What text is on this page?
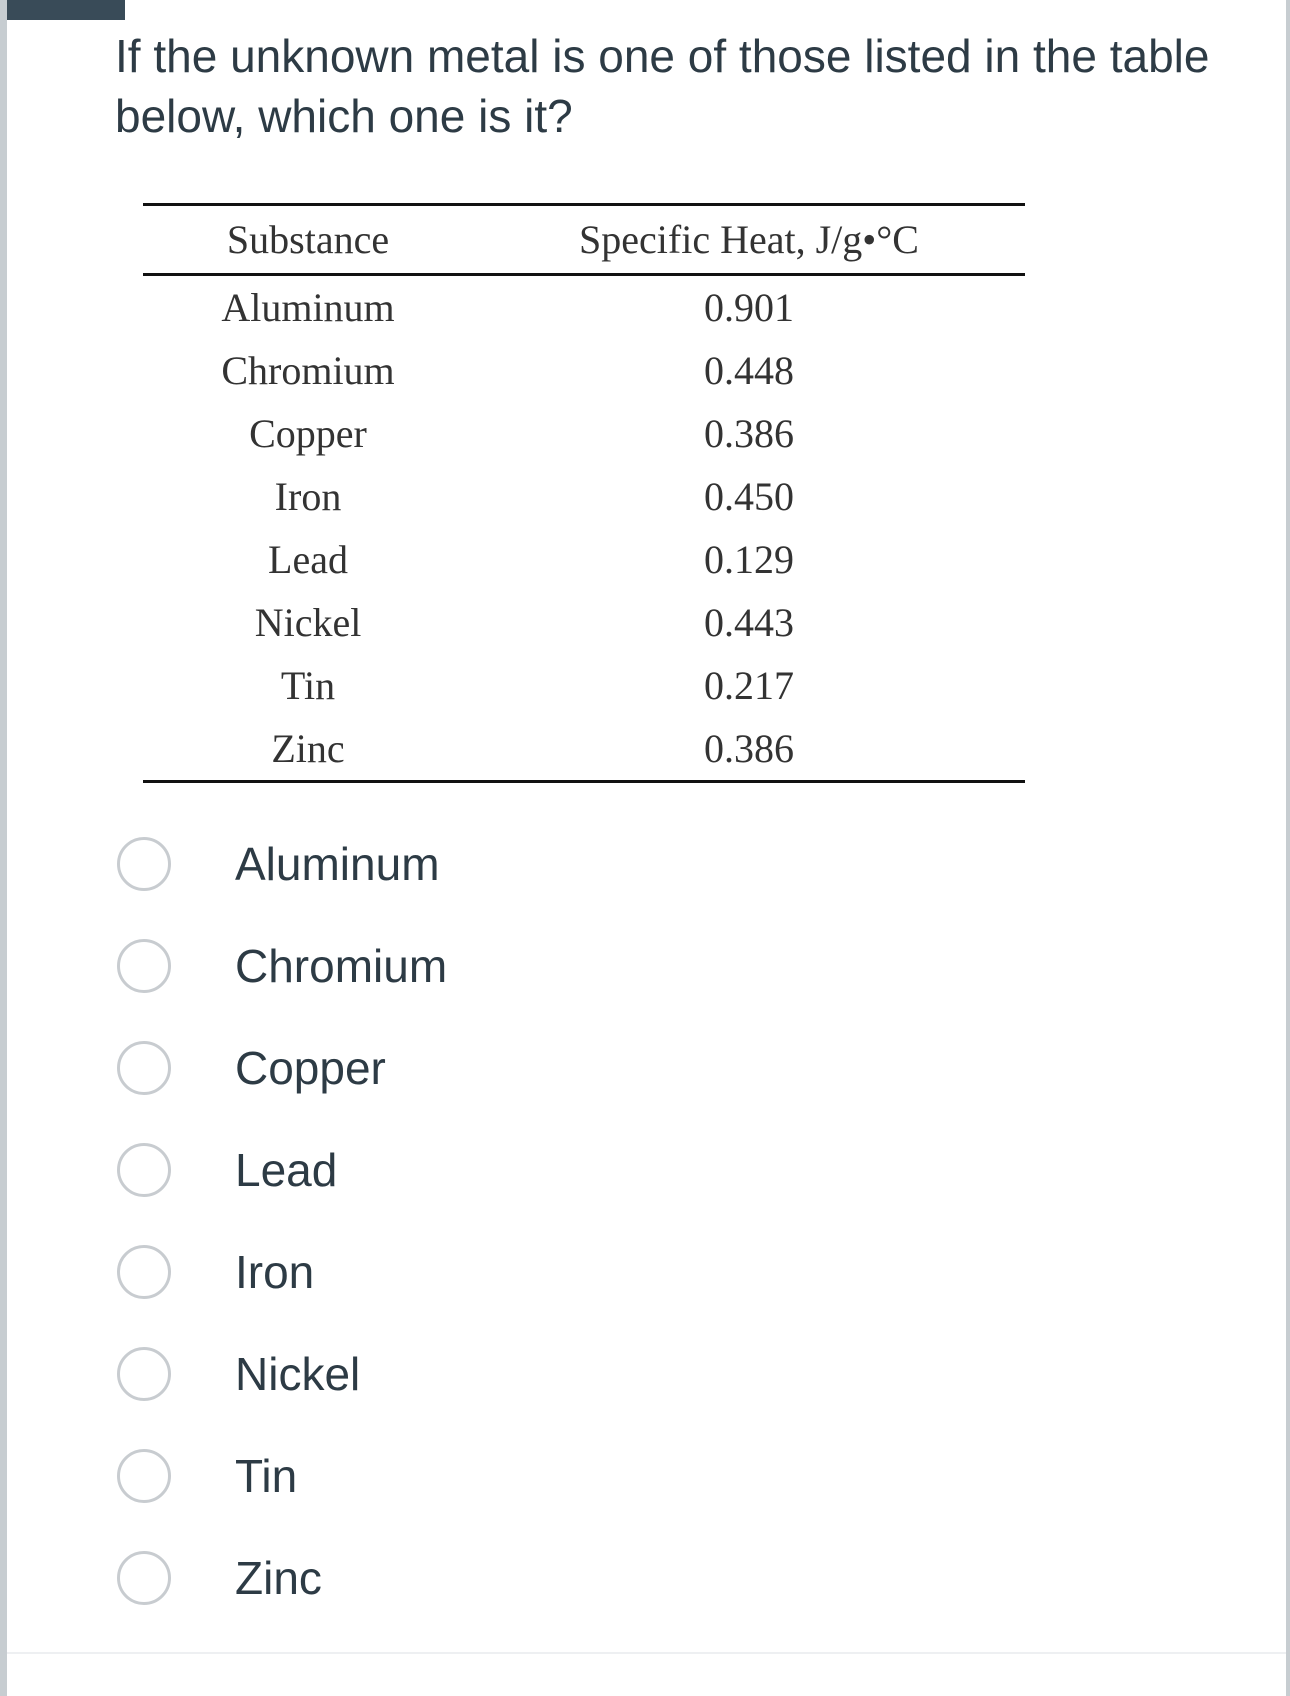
If the unknown metal is one of those listed in the table below, which one is it?
Substance	Specific Heat, J/g•°C
Aluminum	0.901
Chromium	0.448
Copper	0.386
Iron	0.450
Lead	0.129
Nickel	0.443
Tin	0.217
Zinc	0.386
Aluminum
Chromium
Copper
Lead
Iron
Nickel
Tin
Zinc
